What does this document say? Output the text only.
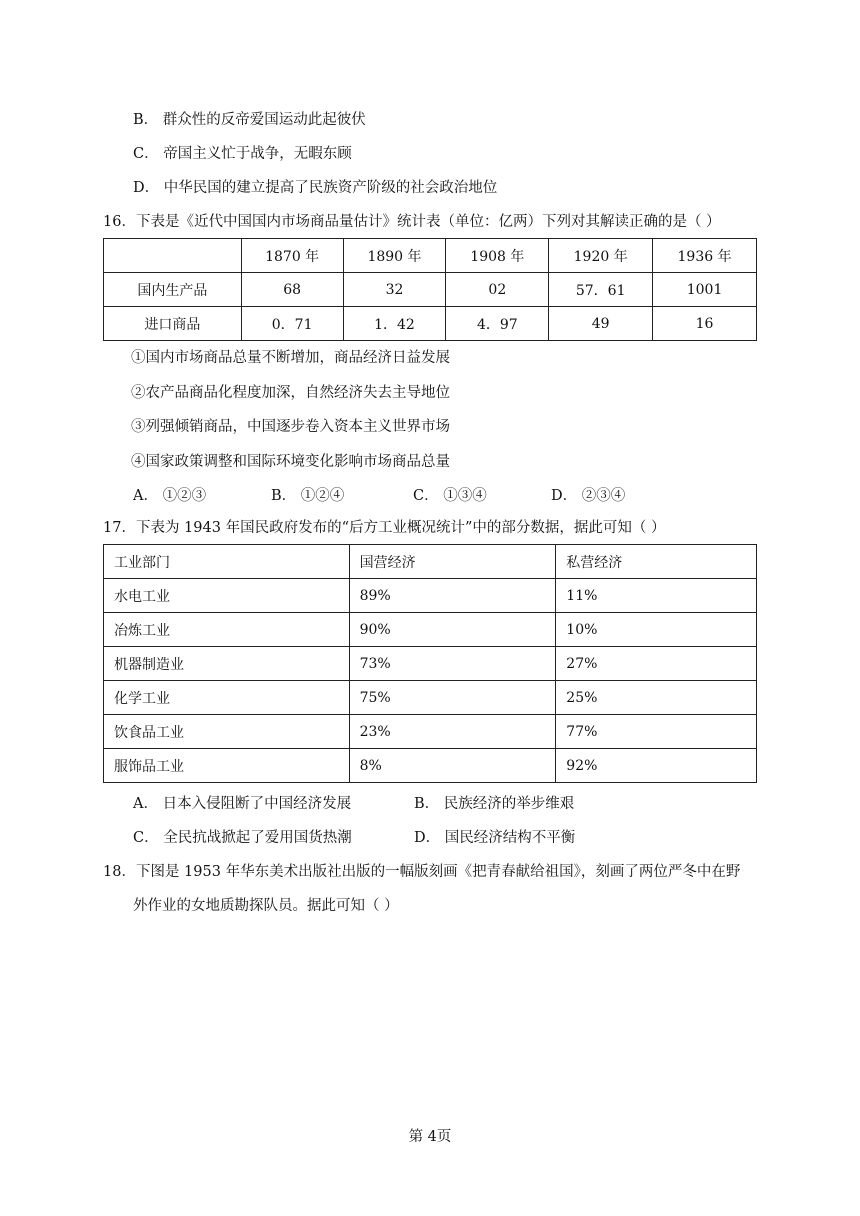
B． 群众性的反帝爱国运动此起彼伏
C． 帝国主义忙于战争，无暇东顾
D． 中华民国的建立提高了民族资产阶级的社会政治地位
16．下表是《近代中国国内市场商品量估计》统计表（单位：亿两）下列对其解读正确的是（ ）
	1870 年	1890 年	1908 年	1920 年	1936 年
国内生产品	68	32	02	57．61	1001
进口商品	0．71	1．42	4．97	49	16
①国内市场商品总量不断增加，商品经济日益发展
②农产品商品化程度加深，自然经济失去主导地位
③列强倾销商品，中国逐步卷入资本主义世界市场
④国家政策调整和国际环境变化影响市场商品总量
A． ①②③	B． ①②④	C． ①③④	D． ②③④
17．下表为 1943 年国民政府发布的“后方工业概况统计”中的部分数据，据此可知（ ）
工业部门	国营经济	私营经济
水电工业	89%	11%
冶炼工业	90%	10%
机器制造业	73%	27%
化学工业	75%	25%
饮食品工业	23%	77%
服饰品工业	8%	92%
A． 日本入侵阻断了中国经济发展	B． 民族经济的举步维艰
C． 全民抗战掀起了爱用国货热潮	D． 国民经济结构不平衡
18．下图是 1953 年华东美术出版社出版的一幅版刻画《把青春献给祖国》，刻画了两位严冬中在野
外作业的女地质勘探队员。据此可知（ ）
第 4页
